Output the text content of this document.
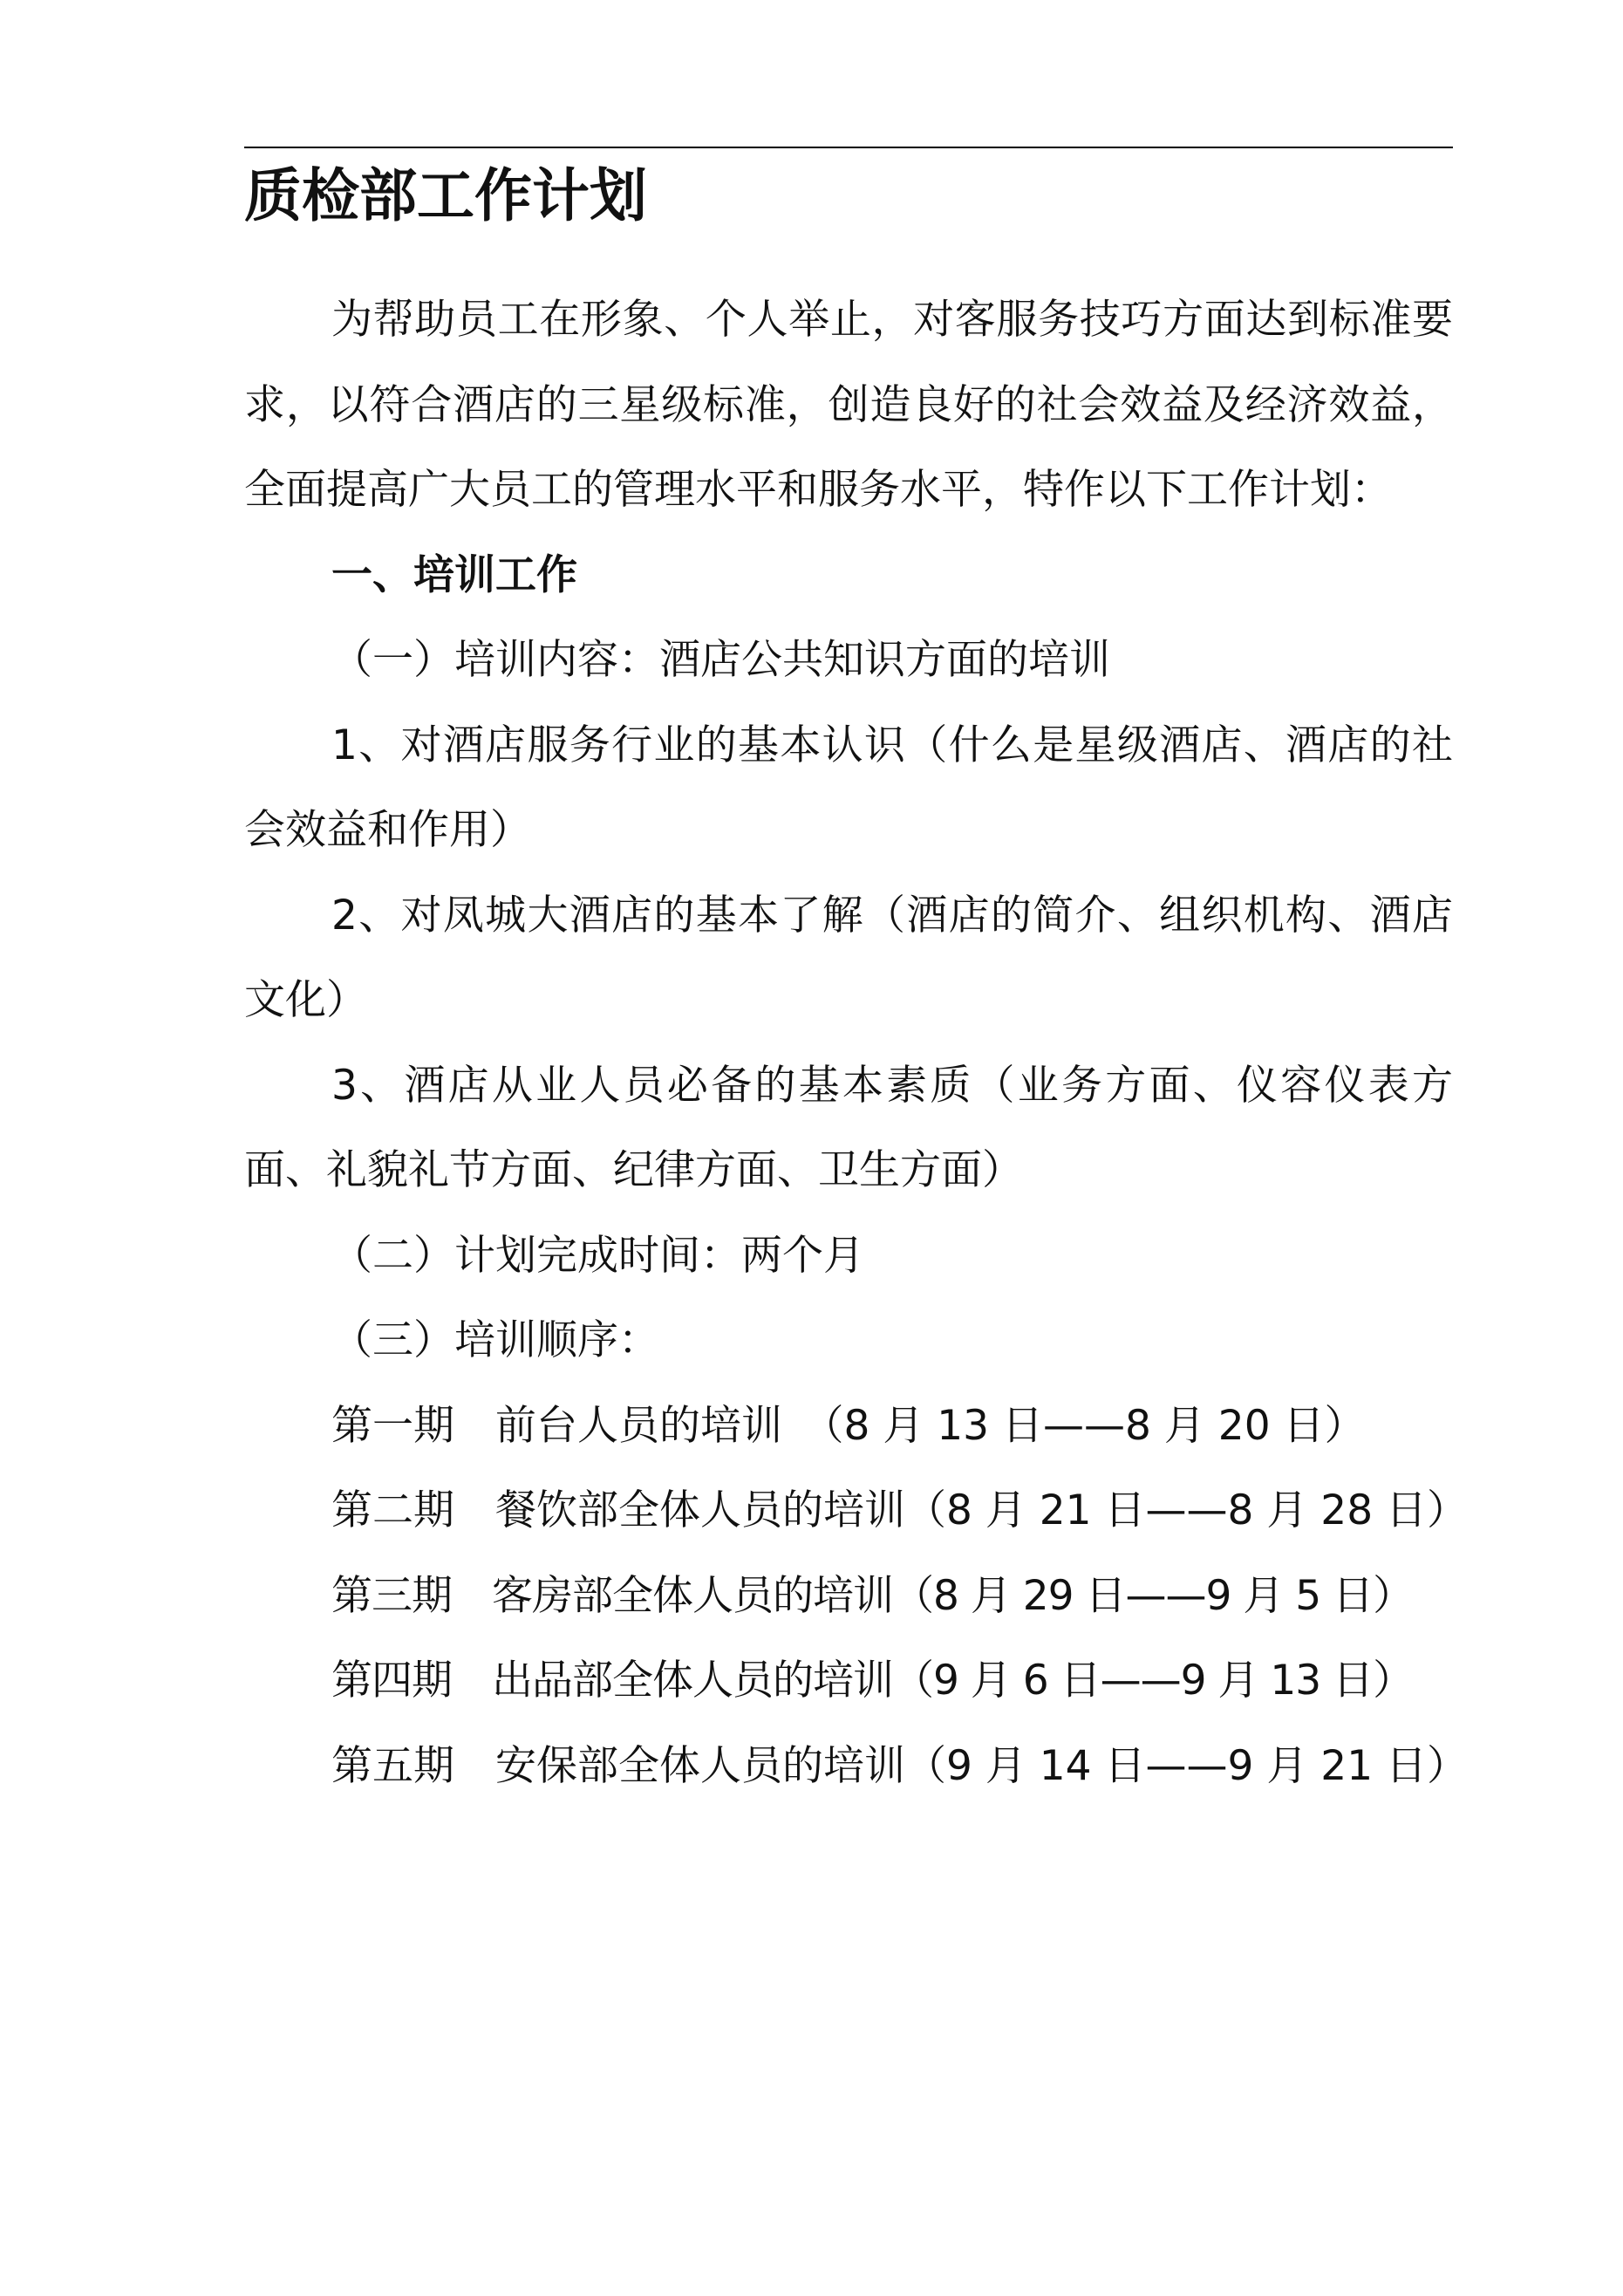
质检部工作计划

为帮助员工在形象、个人举止，对客服务技巧方面达到标准要求，以符合酒店的三星级标准，创造良好的社会效益及经济效益，全面提高广大员工的管理水平和服务水平，特作以下工作计划：

一、培训工作

（一）培训内容：酒店公共知识方面的培训

1、对酒店服务行业的基本认识（什么是星级酒店、酒店的社会效益和作用）

2、对凤城大酒店的基本了解（酒店的简介、组织机构、酒店文化）

3、酒店从业人员必备的基本素质（业务方面、仪容仪表方面、礼貌礼节方面、纪律方面、卫生方面）

（二）计划完成时间：两个月

（三）培训顺序：

第一期　前台人员的培训　（8 月 13 日——8 月 20 日）

第二期　餐饮部全体人员的培训（8 月 21 日——8 月 28 日）

第三期　客房部全体人员的培训（8 月 29 日——9 月 5 日）

第四期　出品部全体人员的培训（9 月 6 日——9 月 13 日）

第五期　安保部全体人员的培训（9 月 14 日——9 月 21 日）
